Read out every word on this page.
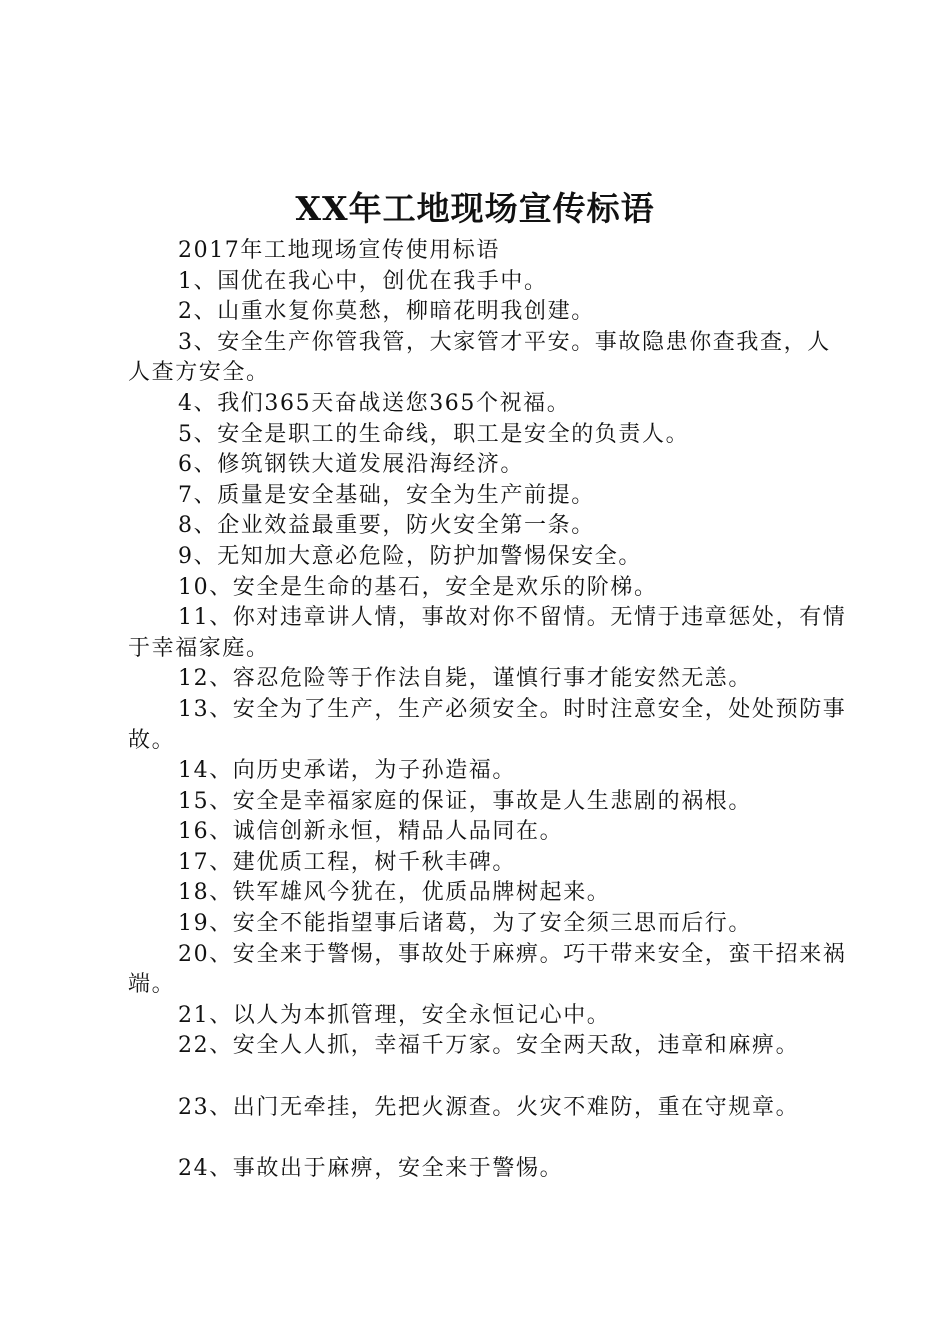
XX年工地现场宣传标语

2017年工地现场宣传使用标语

1、国优在我心中，创优在我手中。

2、山重水复你莫愁，柳暗花明我创建。

3、安全生产你管我管，大家管才平安。事故隐患你查我查，人人查方安全。

4、我们365天奋战送您365个祝福。

5、安全是职工的生命线，职工是安全的负责人。

6、修筑钢铁大道发展沿海经济。

7、质量是安全基础，安全为生产前提。

8、企业效益最重要，防火安全第一条。

9、无知加大意必危险，防护加警惕保安全。

10、安全是生命的基石，安全是欢乐的阶梯。

11、你对违章讲人情，事故对你不留情。无情于违章惩处，有情于幸福家庭。

12、容忍危险等于作法自毙，谨慎行事才能安然无恙。

13、安全为了生产，生产必须安全。时时注意安全，处处预防事故。

14、向历史承诺，为子孙造福。

15、安全是幸福家庭的保证，事故是人生悲剧的祸根。

16、诚信创新永恒，精品人品同在。

17、建优质工程，树千秋丰碑。

18、铁军雄风今犹在，优质品牌树起来。

19、安全不能指望事后诸葛，为了安全须三思而后行。

20、安全来于警惕，事故处于麻痹。巧干带来安全，蛮干招来祸端。

21、以人为本抓管理，安全永恒记心中。

22、安全人人抓，幸福千万家。安全两天敌，违章和麻痹。

23、出门无牵挂，先把火源查。火灾不难防，重在守规章。

24、事故出于麻痹，安全来于警惕。
